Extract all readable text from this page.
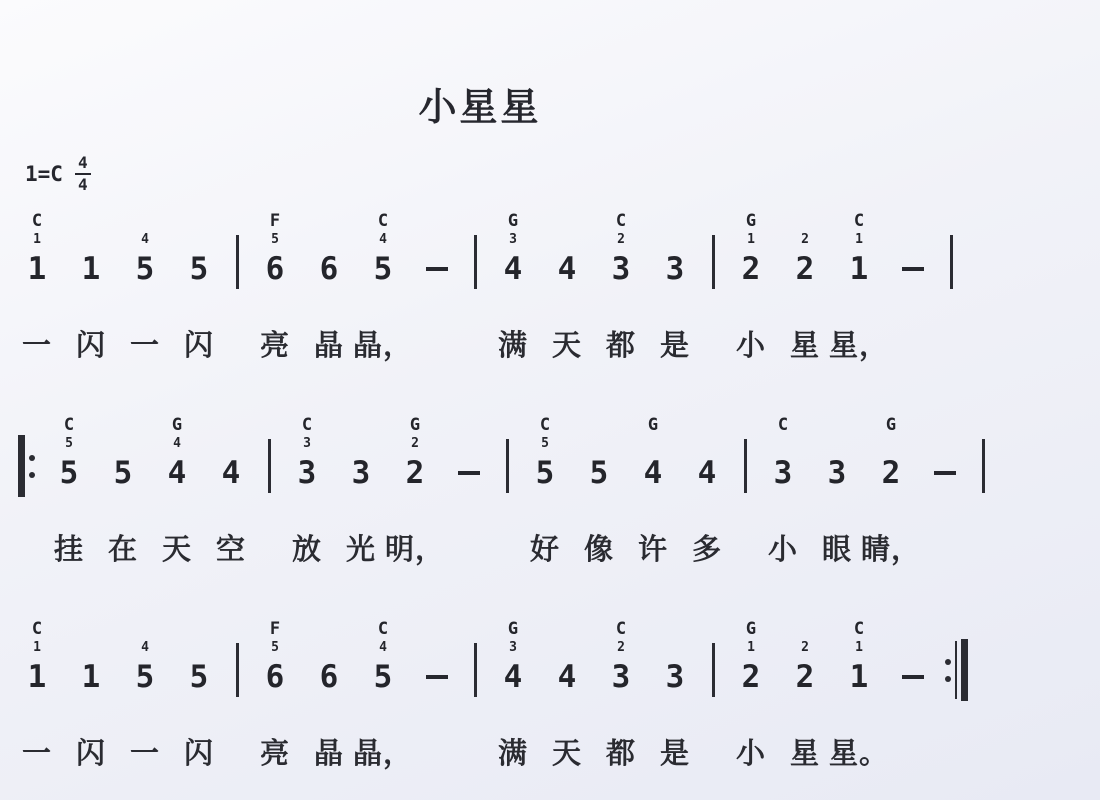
小星星
$1=C \frac{4}{4}$
C
1
1
一
1
闪
4
5
一
5
闪
F
5
6
亮
6
晶
C
4
5
晶，
G
3
4
满
4
天
C
2
3
都
3
是
G
1
2
小
2
2
星
C
1
1
星，
C
5
5
挂
5
在
G
4
4
天
4
空
C
3
3
放
3
光
G
2
2
明，
C
5
5
好
5
像
G
4
许
4
多
C
3
小
3
眼
G
2
睛，
C
1
1
一
1
闪
4
5
一
5
闪
F
5
6
亮
6
晶
C
4
5
晶，
G
3
4
满
4
天
C
2
3
都
3
是
G
1
2
小
2
2
星
C
1
1
星。
